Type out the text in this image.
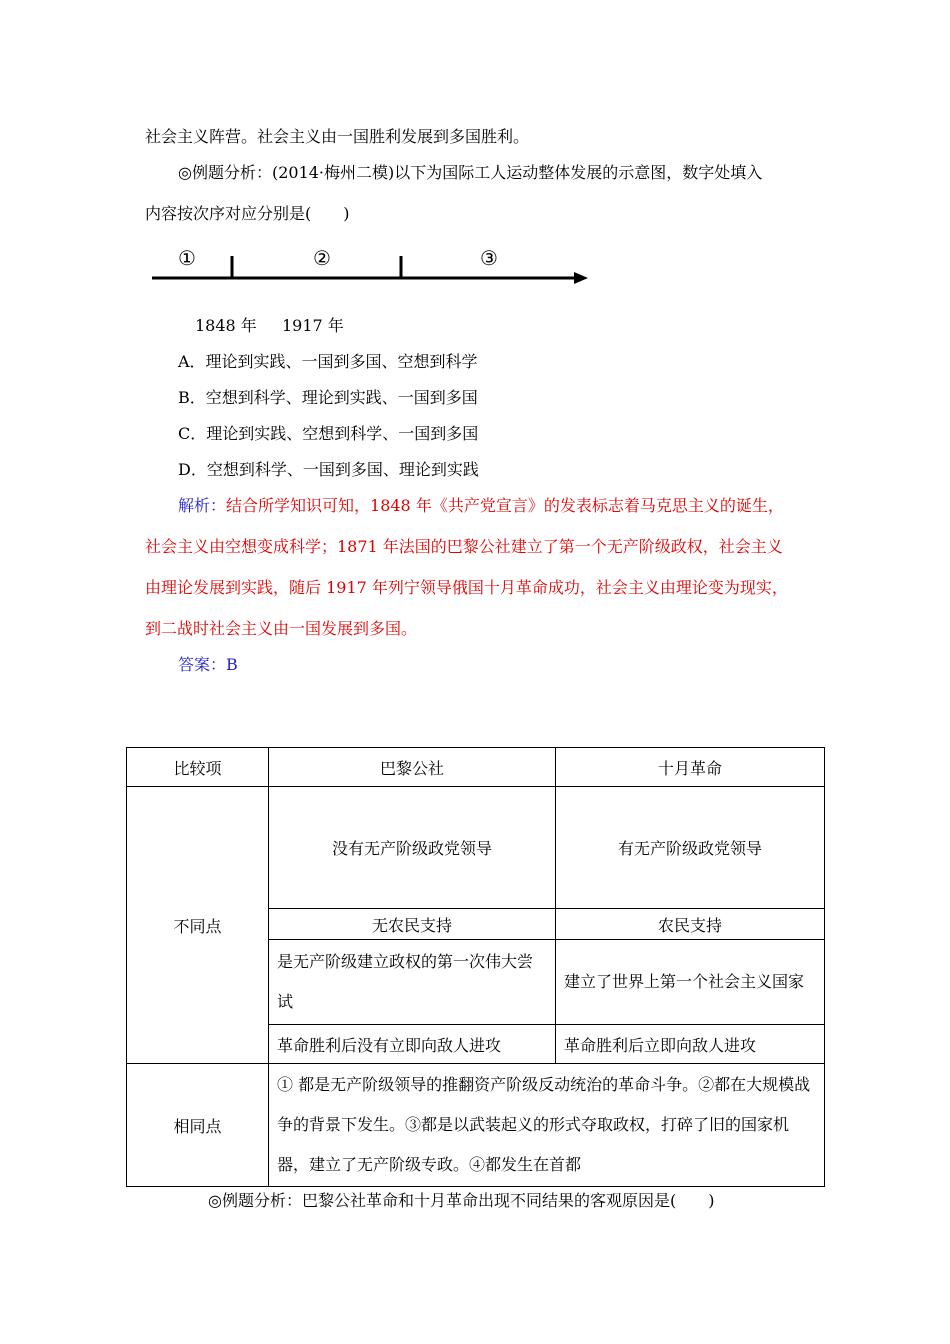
社会主义阵营。社会主义由一国胜利发展到多国胜利。
◎例题分析：(2014·梅州二模)以下为国际工人运动整体发展的示意图，数字处填入
内容按次序对应分别是(　　)
①	②	③
1848 年 1917 年
A．理论到实践、一国到多国、空想到科学
B．空想到科学、理论到实践、一国到多国
C．理论到实践、空想到科学、一国到多国
D．空想到科学、一国到多国、理论到实践
解析：结合所学知识可知，1848 年《共产党宣言》的发表标志着马克思主义的诞生，
社会主义由空想变成科学；1871 年法国的巴黎公社建立了第一个无产阶级政权，社会主义
由理论发展到实践，随后 1917 年列宁领导俄国十月革命成功，社会主义由理论变为现实，
到二战时社会主义由一国发展到多国。
答案：B
比较项	巴黎公社	十月革命
不同点	没有无产阶级政党领导	有无产阶级政党领导
	无农民支持	农民支持
	是无产阶级建立政权的第一次伟大尝试	建立了世界上第一个社会主义国家
	革命胜利后没有立即向敌人进攻	革命胜利后立即向敌人进攻
相同点	① 都是无产阶级领导的推翻资产阶级反动统治的革命斗争。②都在大规模战争的背景下发生。③都是以武装起义的形式夺取政权，打碎了旧的国家机器，建立了无产阶级专政。④都发生在首都	
◎例题分析：巴黎公社革命和十月革命出现不同结果的客观原因是(　　)
